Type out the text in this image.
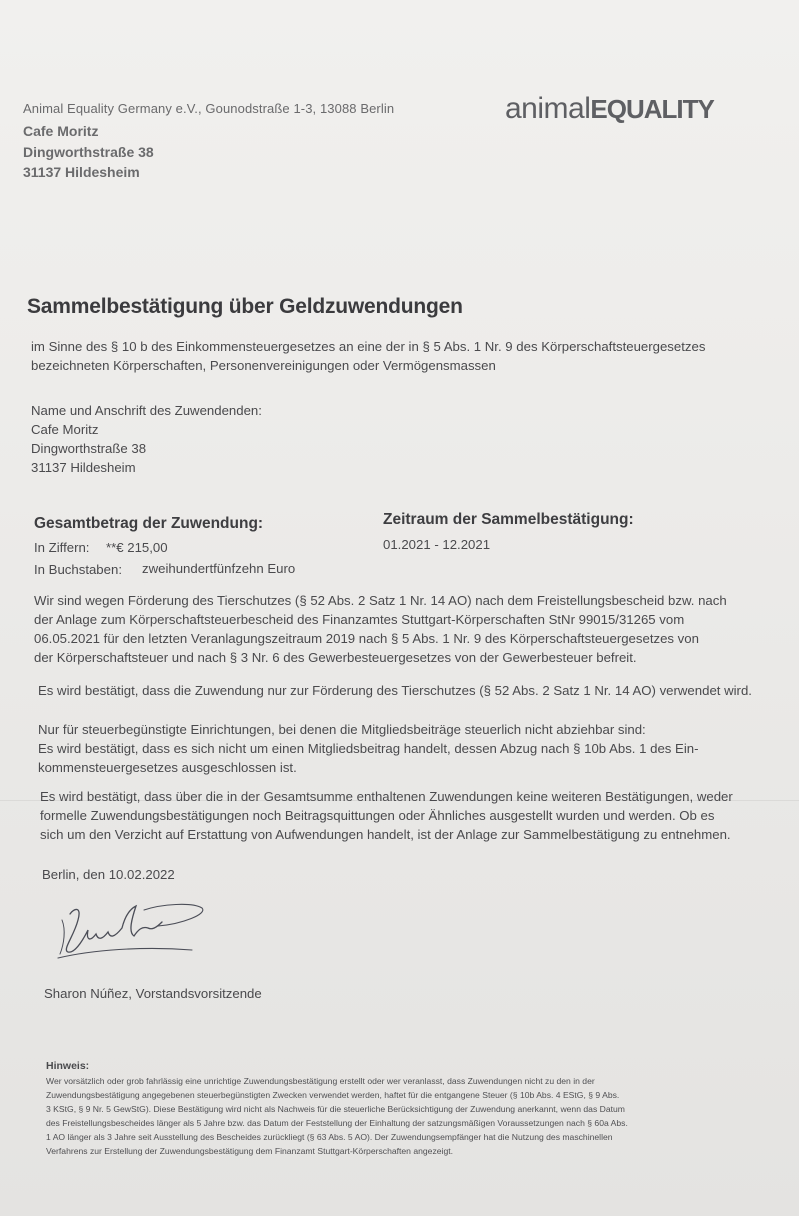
Animal Equality Germany e.V., Gounodstraße 1-3, 13088 Berlin
Cafe Moritz
Dingworthstraße 38
31137 Hildesheim
animalEQUALITY
Sammelbestätigung über Geldzuwendungen
im Sinne des § 10 b des Einkommensteuergesetzes an eine der in § 5 Abs. 1 Nr. 9 des Körperschaftsteuergesetzes
bezeichneten Körperschaften, Personenvereinigungen oder Vermögensmassen
Name und Anschrift des Zuwendenden:
Cafe Moritz
Dingworthstraße 38
31137 Hildesheim
Gesamtbetrag der Zuwendung:
In Ziffern: **€ 215,00
In Buchstaben: zweihundertfünfzehn Euro
Zeitraum der Sammelbestätigung:
01.2021 - 12.2021
Wir sind wegen Förderung des Tierschutzes (§ 52 Abs. 2 Satz 1 Nr. 14 AO) nach dem Freistellungsbescheid bzw. nach
der Anlage zum Körperschaftsteuerbescheid des Finanzamtes Stuttgart-Körperschaften StNr 99015/31265 vom
06.05.2021 für den letzten Veranlagungszeitraum 2019 nach § 5 Abs. 1 Nr. 9 des Körperschaftsteuergesetzes von
der Körperschaftsteuer und nach § 3 Nr. 6 des Gewerbesteuergesetzes von der Gewerbesteuer befreit.
Es wird bestätigt, dass die Zuwendung nur zur Förderung des Tierschutzes (§ 52 Abs. 2 Satz 1 Nr. 14 AO) verwendet wird.
Nur für steuerbegünstigte Einrichtungen, bei denen die Mitgliedsbeiträge steuerlich nicht abziehbar sind:
Es wird bestätigt, dass es sich nicht um einen Mitgliedsbeitrag handelt, dessen Abzug nach § 10b Abs. 1 des Ein-
kommensteuergesetzes ausgeschlossen ist.
Es wird bestätigt, dass über die in der Gesamtsumme enthaltenen Zuwendungen keine weiteren Bestätigungen, weder
formelle Zuwendungsbestätigungen noch Beitragsquittungen oder Ähnliches ausgestellt wurden und werden. Ob es
sich um den Verzicht auf Erstattung von Aufwendungen handelt, ist der Anlage zur Sammelbestätigung zu entnehmen.
Berlin, den 10.02.2022
Sharon Núñez, Vorstandsvorsitzende
Hinweis:
Wer vorsätzlich oder grob fahrlässig eine unrichtige Zuwendungsbestätigung erstellt oder wer veranlasst, dass Zuwendungen nicht zu den in der
Zuwendungsbestätigung angegebenen steuerbegünstigten Zwecken verwendet werden, haftet für die entgangene Steuer (§ 10b Abs. 4 EStG, § 9 Abs.
3 KStG, § 9 Nr. 5 GewStG). Diese Bestätigung wird nicht als Nachweis für die steuerliche Berücksichtigung der Zuwendung anerkannt, wenn das Datum
des Freistellungsbescheides länger als 5 Jahre bzw. das Datum der Feststellung der Einhaltung der satzungsmäßigen Voraussetzungen nach § 60a Abs.
1 AO länger als 3 Jahre seit Ausstellung des Bescheides zurückliegt (§ 63 Abs. 5 AO). Der Zuwendungsempfänger hat die Nutzung des maschinellen
Verfahrens zur Erstellung der Zuwendungsbestätigung dem Finanzamt Stuttgart-Körperschaften angezeigt.
